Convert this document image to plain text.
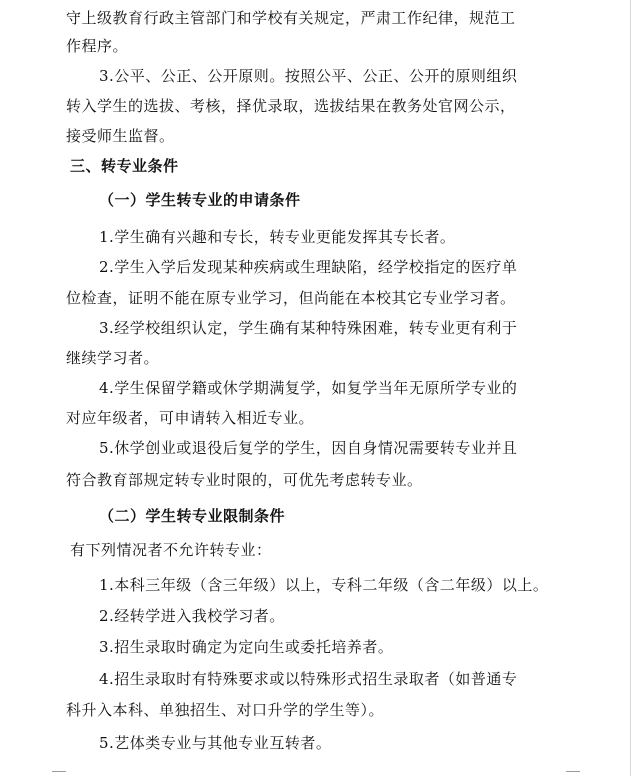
守上级教育行政主管部门和学校有关规定，严肃工作纪律，规范工
作程序。
3.公平、公正、公开原则。按照公平、公正、公开的原则组织
转入学生的选拔、考核，择优录取，选拔结果在教务处官网公示，
接受师生监督。
三、转专业条件
（一）学生转专业的申请条件
1.学生确有兴趣和专长，转专业更能发挥其专长者。
2.学生入学后发现某种疾病或生理缺陷，经学校指定的医疗单
位检查，证明不能在原专业学习，但尚能在本校其它专业学习者。
3.经学校组织认定，学生确有某种特殊困难，转专业更有利于
继续学习者。
4.学生保留学籍或休学期满复学，如复学当年无原所学专业的
对应年级者，可申请转入相近专业。
5.休学创业或退役后复学的学生，因自身情况需要转专业并且
符合教育部规定转专业时限的，可优先考虑转专业。
（二）学生转专业限制条件
有下列情况者不允许转专业：
1.本科三年级（含三年级）以上，专科二年级（含二年级）以上。
2.经转学进入我校学习者。
3.招生录取时确定为定向生或委托培养者。
4.招生录取时有特殊要求或以特殊形式招生录取者（如普通专
科升入本科、单独招生、对口升学的学生等）。
5.艺体类专业与其他专业互转者。
